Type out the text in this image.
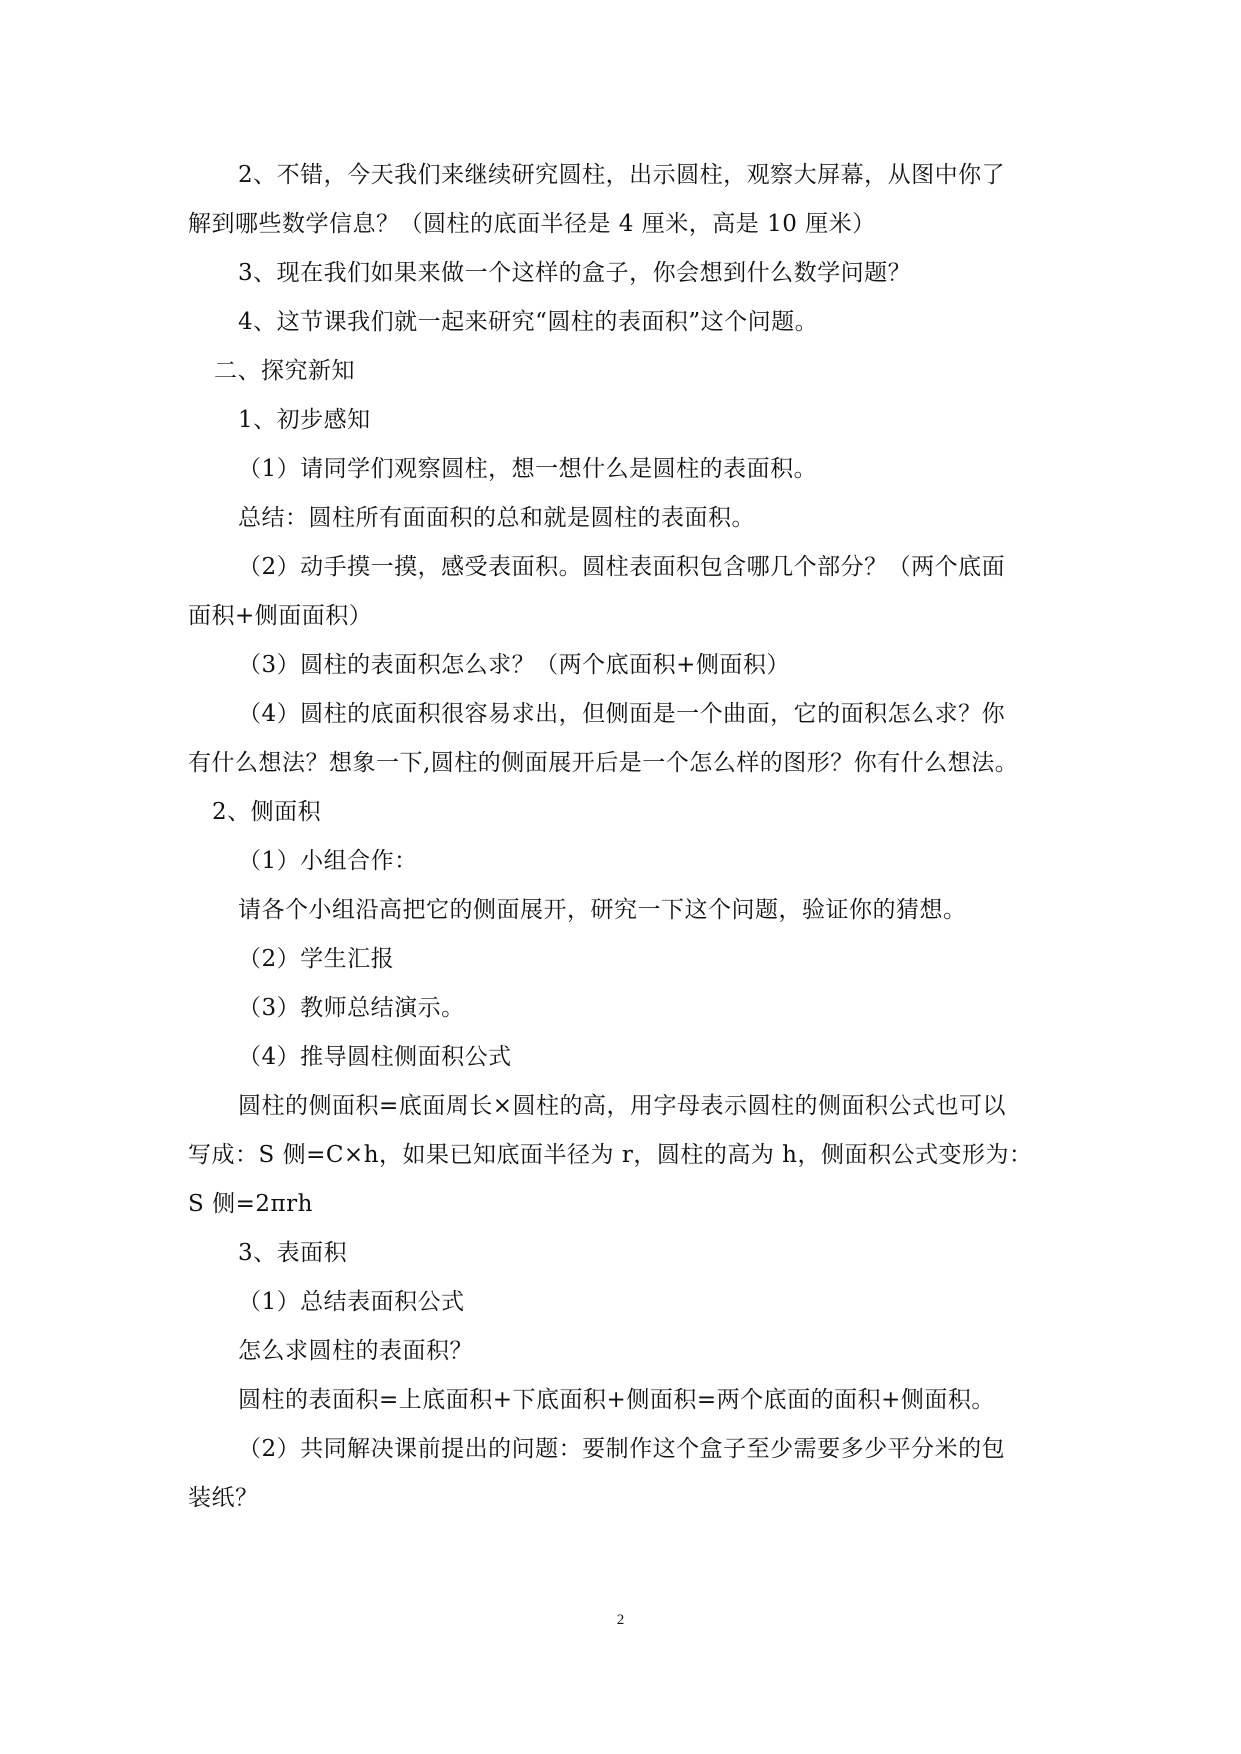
2、不错，今天我们来继续研究圆柱，出示圆柱，观察大屏幕，从图中你了
解到哪些数学信息？（圆柱的底面半径是 4 厘米，高是 10 厘米）
3、现在我们如果来做一个这样的盒子，你会想到什么数学问题？
4、这节课我们就一起来研究“圆柱的表面积”这个问题。
二、探究新知
1、初步感知
（1）请同学们观察圆柱，想一想什么是圆柱的表面积。
总结：圆柱所有面面积的总和就是圆柱的表面积。
（2）动手摸一摸，感受表面积。圆柱表面积包含哪几个部分？（两个底面
面积+侧面面积）
（3）圆柱的表面积怎么求？（两个底面积+侧面积）
（4）圆柱的底面积很容易求出，但侧面是一个曲面，它的面积怎么求？你
有什么想法？想象一下,圆柱的侧面展开后是一个怎么样的图形？你有什么想法。
2、侧面积
（1）小组合作：
请各个小组沿高把它的侧面展开，研究一下这个问题，验证你的猜想。
（2）学生汇报
（3）教师总结演示。
（4）推导圆柱侧面积公式
圆柱的侧面积=底面周长×圆柱的高，用字母表示圆柱的侧面积公式也可以
写成：S 侧=C×h，如果已知底面半径为 r，圆柱的高为 h，侧面积公式变形为：
S 侧=2πrh
3、表面积
（1）总结表面积公式
怎么求圆柱的表面积？
圆柱的表面积=上底面积+下底面积+侧面积=两个底面的面积+侧面积。
（2）共同解决课前提出的问题：要制作这个盒子至少需要多少平分米的包
装纸？
2
